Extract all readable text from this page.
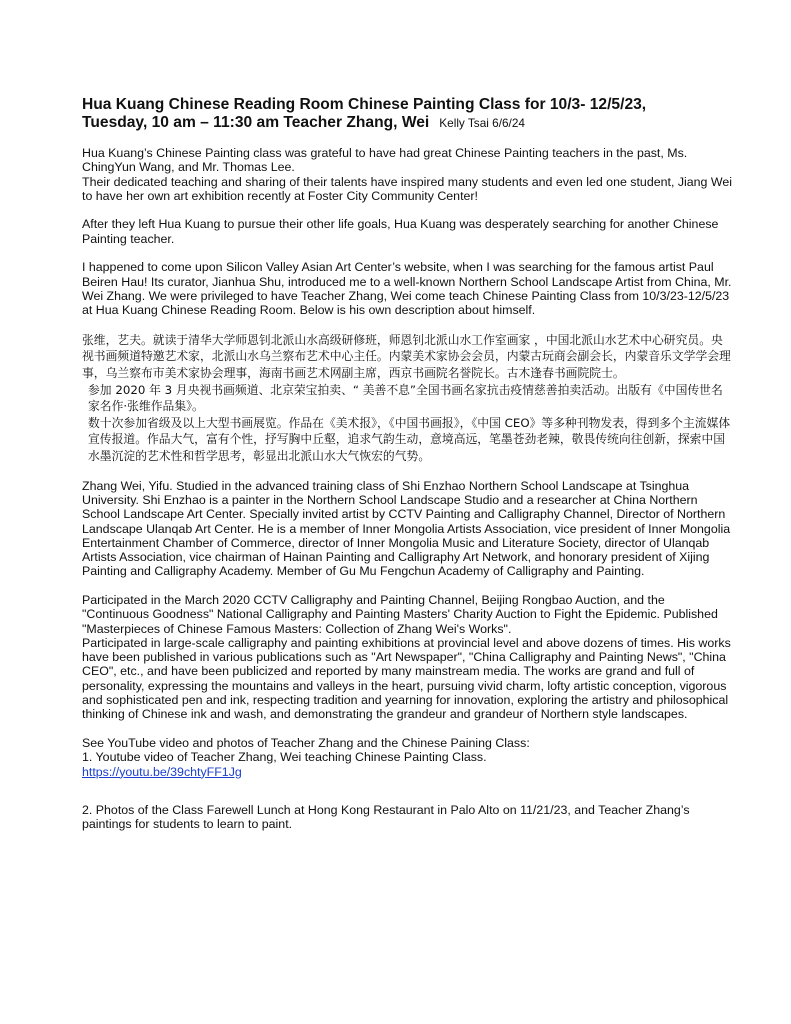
Hua Kuang Chinese Reading Room Chinese Painting Class for 10/3- 12/5/23,
Tuesday, 10 am – 11:30 am Teacher Zhang, Wei Kelly Tsai 6/6/24

Hua Kuang’s Chinese Painting class was grateful to have had great Chinese Painting teachers in the past, Ms. ChingYun Wang, and Mr. Thomas Lee.
Their dedicated teaching and sharing of their talents have inspired many students and even led one student, Jiang Wei to have her own art exhibition recently at Foster City Community Center!

After they left Hua Kuang to pursue their other life goals, Hua Kuang was desperately searching for another Chinese Painting teacher.

I happened to come upon Silicon Valley Asian Art Center’s website, when I was searching for the famous artist Paul Beiren Hau! Its curator, Jianhua Shu, introduced me to a well-known Northern School Landscape Artist from China, Mr. Wei Zhang. We were privileged to have Teacher Zhang, Wei come teach Chinese Painting Class from 10/3/23-12/5/23 at Hua Kuang Chinese Reading Room. Below is his own description about himself.

张维，艺夫。就读于清华大学师恩钊北派山水高级研修班，师恩钊北派山水工作室画家 ，中国北派山水艺术中心研究员。央视书画频道特邀艺术家，北派山水乌兰察布艺术中心主任。内蒙美术家协会会员，内蒙古玩商会副会长，内蒙音乐文学学会理事，乌兰察布市美术家协会理事，海南书画艺术网副主席，西京书画院名誉院长。古木逢春书画院院士。
参加 2020 年 3 月央视书画频道、北京荣宝拍卖、“ 美善不息”全国书画名家抗击疫情慈善拍卖活动。出版有《中国传世名家名作·张维作品集》。
数十次参加省级及以上大型书画展览。作品在《美术报》，《中国书画报》，《中国 CEO》等多种刊物发表，得到多个主流媒体宣传报道。作品大气，富有个性，抒写胸中丘壑，追求气韵生动，意境高远，笔墨苍劲老辣，敬畏传统向往创新，探索中国水墨沉淀的艺术性和哲学思考，彰显出北派山水大气恢宏的气势。

Zhang Wei, Yifu. Studied in the advanced training class of Shi Enzhao Northern School Landscape at Tsinghua University. Shi Enzhao is a painter in the Northern School Landscape Studio and a researcher at China Northern School Landscape Art Center. Specially invited artist by CCTV Painting and Calligraphy Channel, Director of Northern Landscape Ulanqab Art Center. He is a member of Inner Mongolia Artists Association, vice president of Inner Mongolia Entertainment Chamber of Commerce, director of Inner Mongolia Music and Literature Society, director of Ulanqab Artists Association, vice chairman of Hainan Painting and Calligraphy Art Network, and honorary president of Xijing Painting and Calligraphy Academy. Member of Gu Mu Fengchun Academy of Calligraphy and Painting.

Participated in the March 2020 CCTV Calligraphy and Painting Channel, Beijing Rongbao Auction, and the "Continuous Goodness" National Calligraphy and Painting Masters' Charity Auction to Fight the Epidemic. Published "Masterpieces of Chinese Famous Masters: Collection of Zhang Wei's Works".
Participated in large-scale calligraphy and painting exhibitions at provincial level and above dozens of times. His works have been published in various publications such as "Art Newspaper", "China Calligraphy and Painting News", "China CEO", etc., and have been publicized and reported by many mainstream media. The works are grand and full of personality, expressing the mountains and valleys in the heart, pursuing vivid charm, lofty artistic conception, vigorous and sophisticated pen and ink, respecting tradition and yearning for innovation, exploring the artistry and philosophical thinking of Chinese ink and wash, and demonstrating the grandeur and grandeur of Northern style landscapes.

See YouTube video and photos of Teacher Zhang and the Chinese Paining Class:
1. Youtube video of Teacher Zhang, Wei teaching Chinese Painting Class.
https://youtu.be/39chtyFF1Jg

2. Photos of the Class Farewell Lunch at Hong Kong Restaurant in Palo Alto on 11/21/23, and Teacher Zhang’s paintings for students to learn to paint.
